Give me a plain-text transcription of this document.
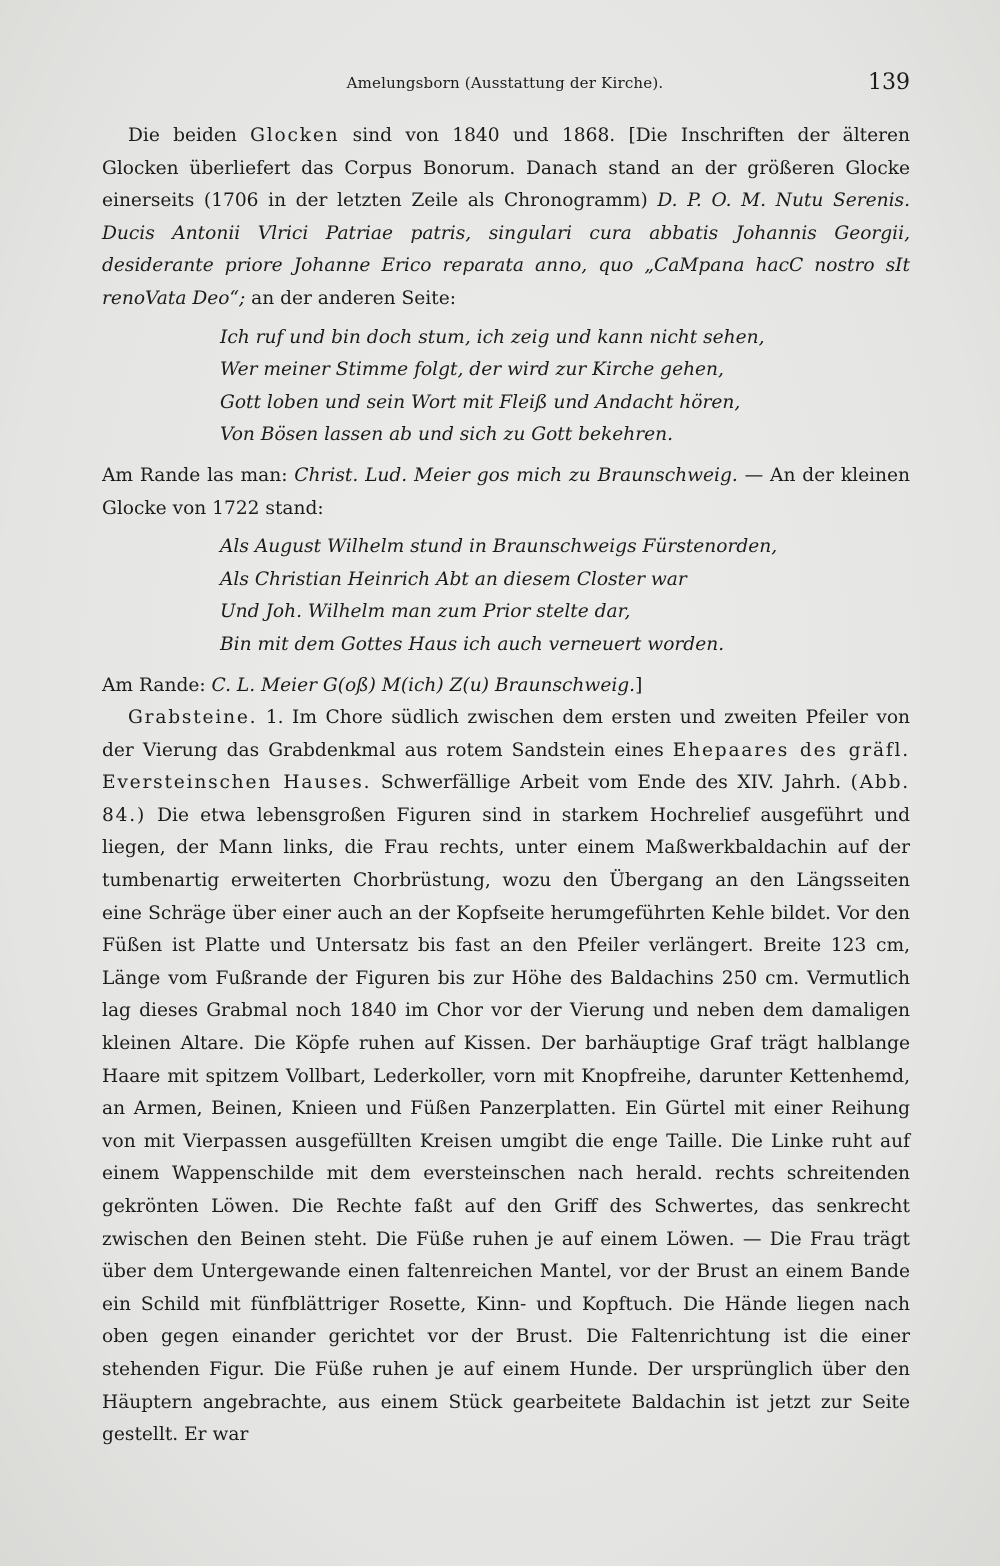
Amelungsborn (Ausstattung der Kirche).	139

Die beiden Glocken sind von 1840 und 1868. [Die Inschriften der älteren Glocken überliefert das Corpus Bonorum. Danach stand an der größeren Glocke einerseits (1706 in der letzten Zeile als Chronogramm) D. P. O. M. Nutu Serenis. Ducis Antonii Vlrici Patriae patris, singulari cura abbatis Johannis Georgii, desiderante priore Johanne Erico reparata anno, quo „CaMpana hacC nostro sIt renoVata Deo“; an der anderen Seite:

Ich ruf und bin doch stum, ich zeig und kann nicht sehen,
Wer meiner Stimme folgt, der wird zur Kirche gehen,
Gott loben und sein Wort mit Fleiß und Andacht hören,
Von Bösen lassen ab und sich zu Gott bekehren.

Am Rande las man: Christ. Lud. Meier gos mich zu Braunschweig. — An der kleinen Glocke von 1722 stand:

Als August Wilhelm stund in Braunschweigs Fürstenorden,
Als Christian Heinrich Abt an diesem Closter war
Und Joh. Wilhelm man zum Prior stelte dar,
Bin mit dem Gottes Haus ich auch verneuert worden.

Am Rande: C. L. Meier G(oß) M(ich) Z(u) Braunschweig.]

Grabsteine. 1. Im Chore südlich zwischen dem ersten und zweiten Pfeiler von der Vierung das Grabdenkmal aus rotem Sandstein eines Ehepaares des gräfl. Eversteinschen Hauses. Schwerfällige Arbeit vom Ende des XIV. Jahrh. (Abb. 84.) Die etwa lebensgroßen Figuren sind in starkem Hochrelief ausgeführt und liegen, der Mann links, die Frau rechts, unter einem Maßwerkbaldachin auf der tumbenartig erweiterten Chorbrüstung, wozu den Übergang an den Längsseiten eine Schräge über einer auch an der Kopfseite herumgeführten Kehle bildet. Vor den Füßen ist Platte und Untersatz bis fast an den Pfeiler verlängert. Breite 123 cm, Länge vom Fußrande der Figuren bis zur Höhe des Baldachins 250 cm. Vermutlich lag dieses Grabmal noch 1840 im Chor vor der Vierung und neben dem damaligen kleinen Altare. Die Köpfe ruhen auf Kissen. Der barhäuptige Graf trägt halblange Haare mit spitzem Vollbart, Lederkoller, vorn mit Knopfreihe, darunter Kettenhemd, an Armen, Beinen, Knieen und Füßen Panzerplatten. Ein Gürtel mit einer Reihung von mit Vierpassen ausgefüllten Kreisen umgibt die enge Taille. Die Linke ruht auf einem Wappenschilde mit dem eversteinschen nach herald. rechts schreitenden gekrönten Löwen. Die Rechte faßt auf den Griff des Schwertes, das senkrecht zwischen den Beinen steht. Die Füße ruhen je auf einem Löwen. — Die Frau trägt über dem Untergewande einen faltenreichen Mantel, vor der Brust an einem Bande ein Schild mit fünfblättriger Rosette, Kinn- und Kopftuch. Die Hände liegen nach oben gegen einander gerichtet vor der Brust. Die Faltenrichtung ist die einer stehenden Figur. Die Füße ruhen je auf einem Hunde. Der ursprünglich über den Häuptern angebrachte, aus einem Stück gearbeitete Baldachin ist jetzt zur Seite gestellt. Er war
